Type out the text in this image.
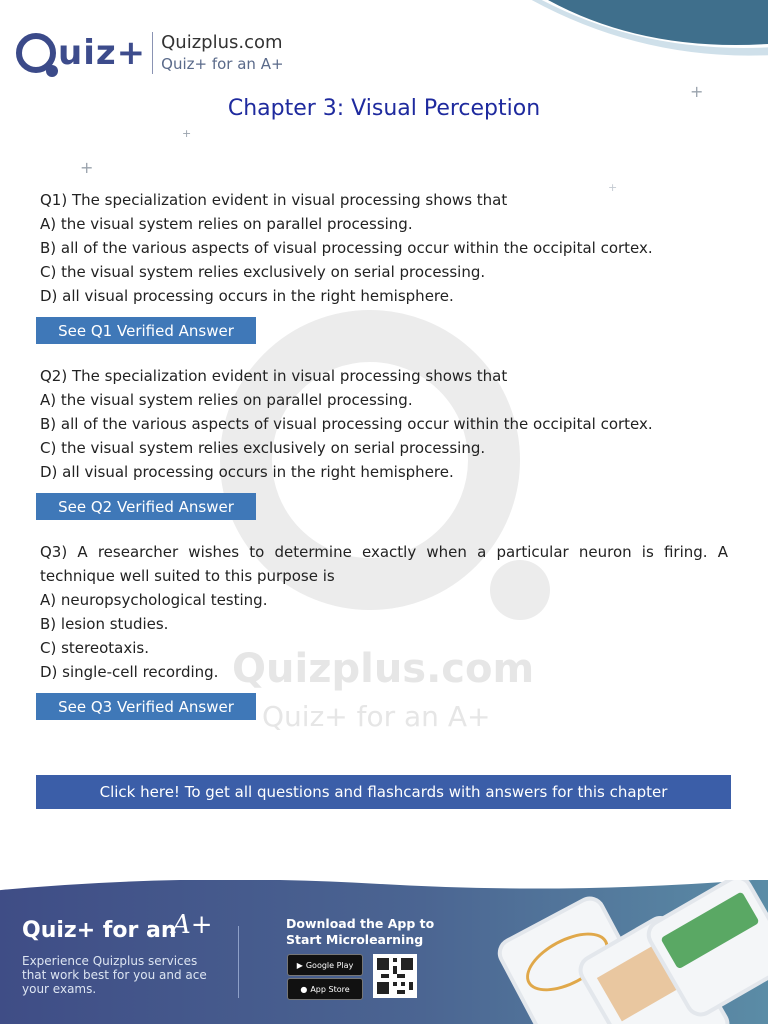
+
+
+
+
uiz+ Quizplus.com
Quiz+ for an A+
Chapter 3: Visual Perception
Quizplus.com
Quiz+ for an A+

Q1) The specialization evident in visual processing shows that

A) the visual system relies on parallel processing.

B) all of the various aspects of visual processing occur within the occipital cortex.

C) the visual system relies exclusively on serial processing.

D) all visual processing occurs in the right hemisphere.

See Q1 Verified Answer

Q2) The specialization evident in visual processing shows that

A) the visual system relies on parallel processing.

B) all of the various aspects of visual processing occur within the occipital cortex.

C) the visual system relies exclusively on serial processing.

D) all visual processing occurs in the right hemisphere.

See Q2 Verified Answer

Q3) A researcher wishes to determine exactly when a particular neuron is firing. A technique well suited to this purpose is

A) neuropsychological testing.

B) lesion studies.

C) stereotaxis.

D) single-cell recording.

See Q3 Verified Answer
Click here! To get all questions and flashcards with answers for this chapter
Quiz+ for an
A+
Experience Quizplus services that work best for you and ace your exams.
Download the App to Start Microlearning
▶ Google Play
● App Store
